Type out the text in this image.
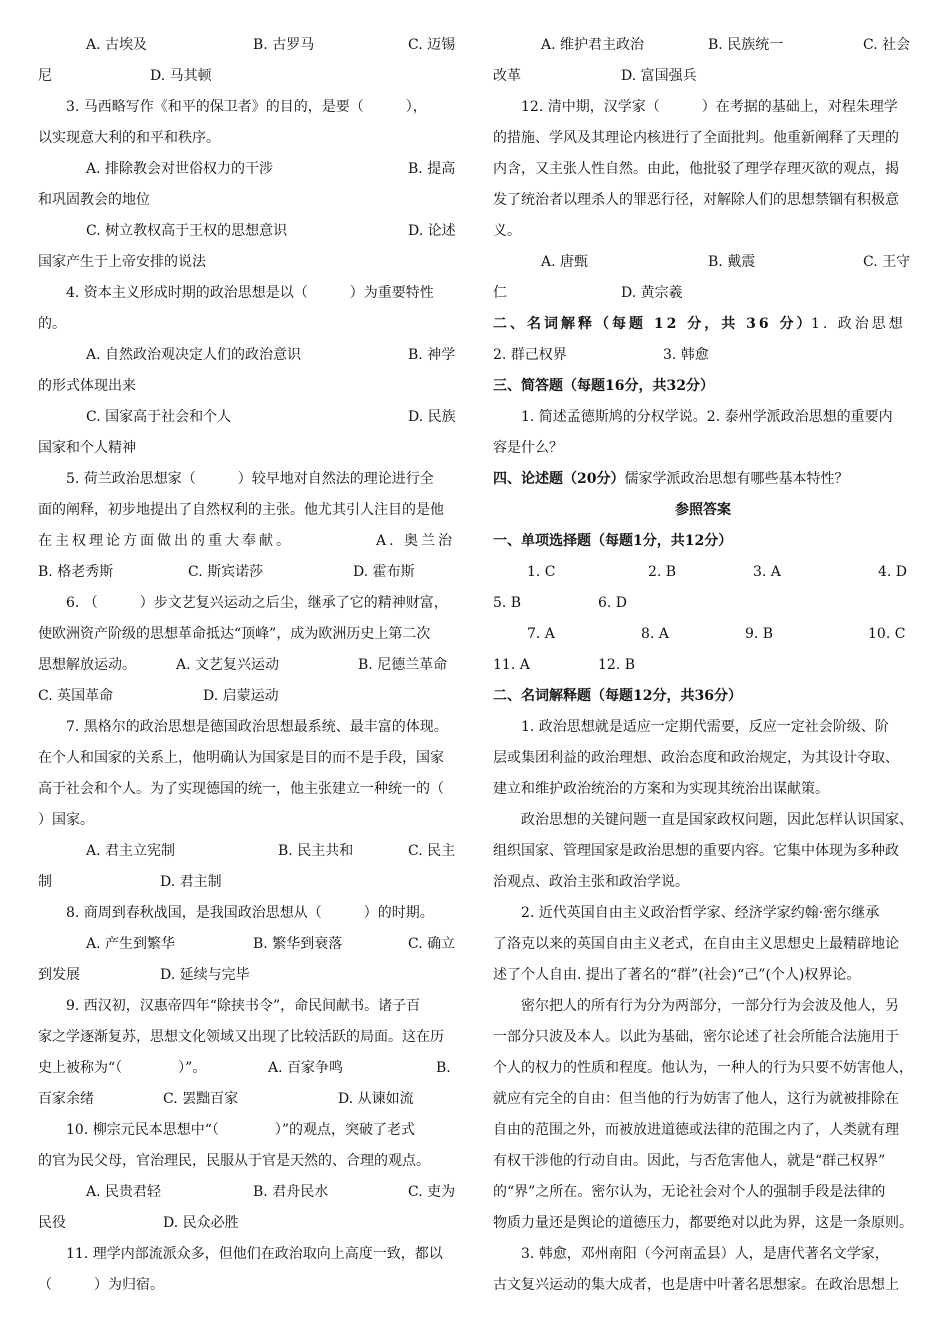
A. 古埃及	B. 古罗马	C. 迈锡
尼	D. 马其顿
3. 马西略写作《和平的保卫者》的目的，是要（　　　），
以实现意大利的和平和秩序。
A. 排除教会对世俗权力的干涉	B. 提高
和巩固教会的地位
C. 树立教权高于王权的思想意识	D. 论述
国家产生于上帝安排的说法
4. 资本主义形成时期的政治思想是以（　　　）为重要特性
的。
A. 自然政治观决定人们的政治意识	B. 神学
的形式体现出来
C. 国家高于社会和个人	D. 民族
国家和个人精神
5. 荷兰政治思想家（　　　）较早地对自然法的理论进行全
面的阐释，初步地提出了自然权利的主张。他尤其引人注目的是他
在主权理论方面做出的重大奉献。	A. 奥兰治
B. 格老秀斯	C. 斯宾诺莎	D. 霍布斯
6. （　　　）步文艺复兴运动之后尘，继承了它的精神财富，
使欧洲资产阶级的思想革命抵达“顶峰”，成为欧洲历史上第二次
思想解放运动。	A. 文艺复兴运动	B. 尼德兰革命
C. 英国革命	D. 启蒙运动
7. 黑格尔的政治思想是德国政治思想最系统、最丰富的体现。
在个人和国家的关系上，他明确认为国家是目的而不是手段，国家
高于社会和个人。为了实现德国的统一，他主张建立一种统一的（
）国家。
A. 君主立宪制	B. 民主共和	C. 民主
制	D. 君主制
8. 商周到春秋战国，是我国政治思想从（　　　）的时期。
A. 产生到繁华	B. 繁华到衰落	C. 确立
到发展	D. 延续与完毕
9. 西汉初，汉惠帝四年“除挟书令”，命民间献书。诸子百
家之学逐渐复苏，思想文化领域又出现了比较活跃的局面。这在历
史上被称为“（　　　　）”。	A. 百家争鸣	B.
百家余绪	C. 罢黜百家	D. 从谏如流
10. 柳宗元民本思想中“（　　　　）”的观点，突破了老式
的官为民父母，官治理民，民服从于官是天然的、合理的观点。
A. 民贵君轻	B. 君舟民水	C. 吏为
民役	D. 民众必胜
11. 理学内部流派众多，但他们在政治取向上高度一致，都以
（　　　）为归宿。
A. 维护君主政治	B. 民族统一	C. 社会
改革	D. 富国强兵
12. 清中期，汉学家（　　　）在考据的基础上，对程朱理学
的措施、学风及其理论内核进行了全面批判。他重新阐释了天理的
内含，又主张人性自然。由此，他批驳了理学存理灭欲的观点，揭
发了统治者以理杀人的罪恶行径，对解除人们的思想禁锢有积极意
义。
A. 唐甄	B. 戴震	C. 王守
仁	D. 黄宗羲
二、名词解释（每题 12 分，共 36 分）
1. 政治思想
2. 群己权界	3. 韩愈
三、简答题（每题16分，共32分）
1. 简述孟德斯鸠的分权学说。2. 泰州学派政治思想的重要内
容是什么？
四、论述题（20分）儒家学派政治思想有哪些基本特性？
参照答案
一、单项选择题（每题1分，共12分）
1. C	2. B	3. A	4. D
5. B	6. D
7. A	8. A	9. B	10. C
11. A	12. B
二、名词解释题（每题12分，共36分）
1. 政治思想就是适应一定期代需要，反应一定社会阶级、阶
层或集团利益的政治理想、政治态度和政治规定，为其设计夺取、
建立和维护政治统治的方案和为实现其统治出谋献策。
政治思想的关键问题一直是国家政权问题，因此怎样认识国家、
组织国家、管理国家是政治思想的重要内容。它集中体现为多种政
治观点、政治主张和政治学说。
2. 近代英国自由主义政治哲学家、经济学家约翰·密尔继承
了洛克以来的英国自由主义老式，在自由主义思想史上最精辟地论
述了个人自由. 提出了著名的“群”(社会)“己”(个人)权界论。
密尔把人的所有行为分为两部分，一部分行为会波及他人，另
一部分只波及本人。以此为基础，密尔论述了社会所能合法施用于
个人的权力的性质和程度。他认为，一种人的行为只要不妨害他人，
就应有完全的自由：但当他的行为妨害了他人，这行为就被排除在
自由的范围之外，而被放进道德或法律的范围之内了，人类就有理
有权干涉他的行动自由。因此，与否危害他人，就是“群己权界”
的“界”之所在。密尔认为，无论社会对个人的强制手段是法律的
物质力量还是舆论的道德压力，都要绝对以此为界，这是一条原则。
3. 韩愈，邓州南阳（今河南孟县）人，是唐代著名文学家，
古文复兴运动的集大成者，也是唐中叶著名思想家。在政治思想上
